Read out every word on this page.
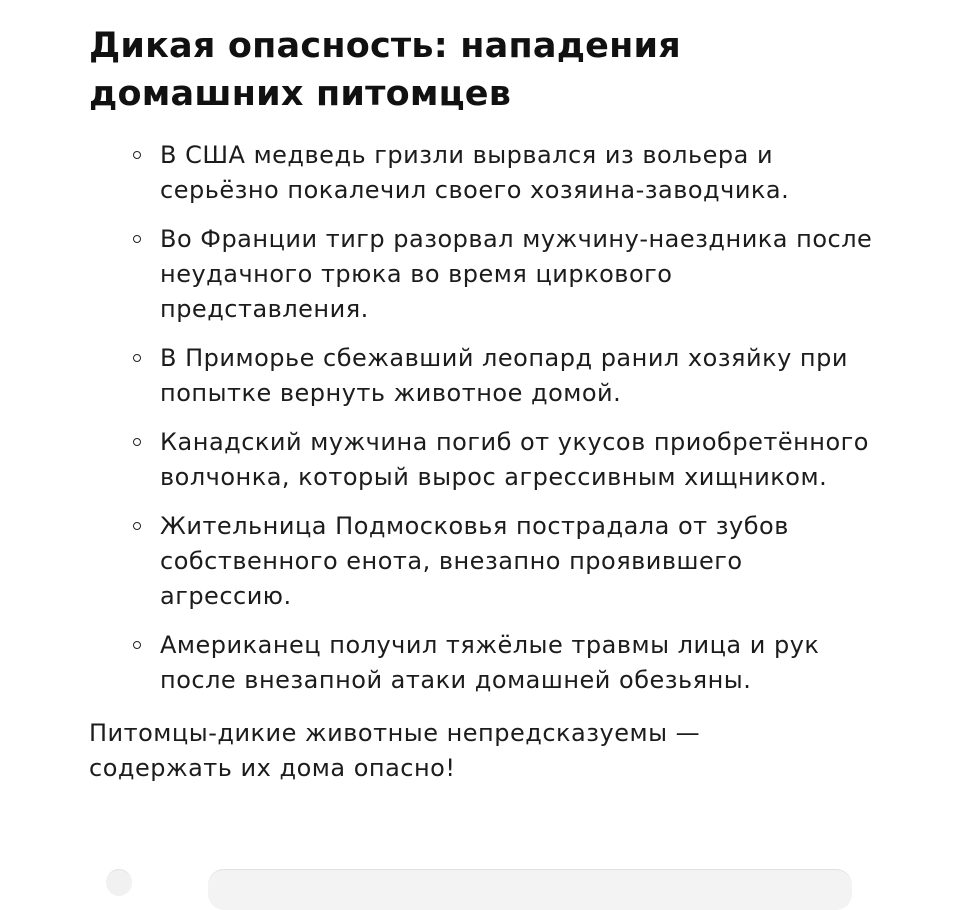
Дикая опасность: нападения домашних питомцев
В США медведь гризли вырвался из вольера и серьёзно покалечил своего хозяина-заводчика.
Во Франции тигр разорвал мужчину-наездника после неудачного трюка во время циркового представления.
В Приморье сбежавший леопард ранил хозяйку при попытке вернуть животное домой.
Канадский мужчина погиб от укусов приобретённого волчонка, который вырос агрессивным хищником.
Жительница Подмосковья пострадала от зубов собственного енота, внезапно проявившего агрессию.
Американец получил тяжёлые травмы лица и рук после внезапной атаки домашней обезьяны.

Питомцы-дикие животные непредсказуемы — содержать их дома опасно!
